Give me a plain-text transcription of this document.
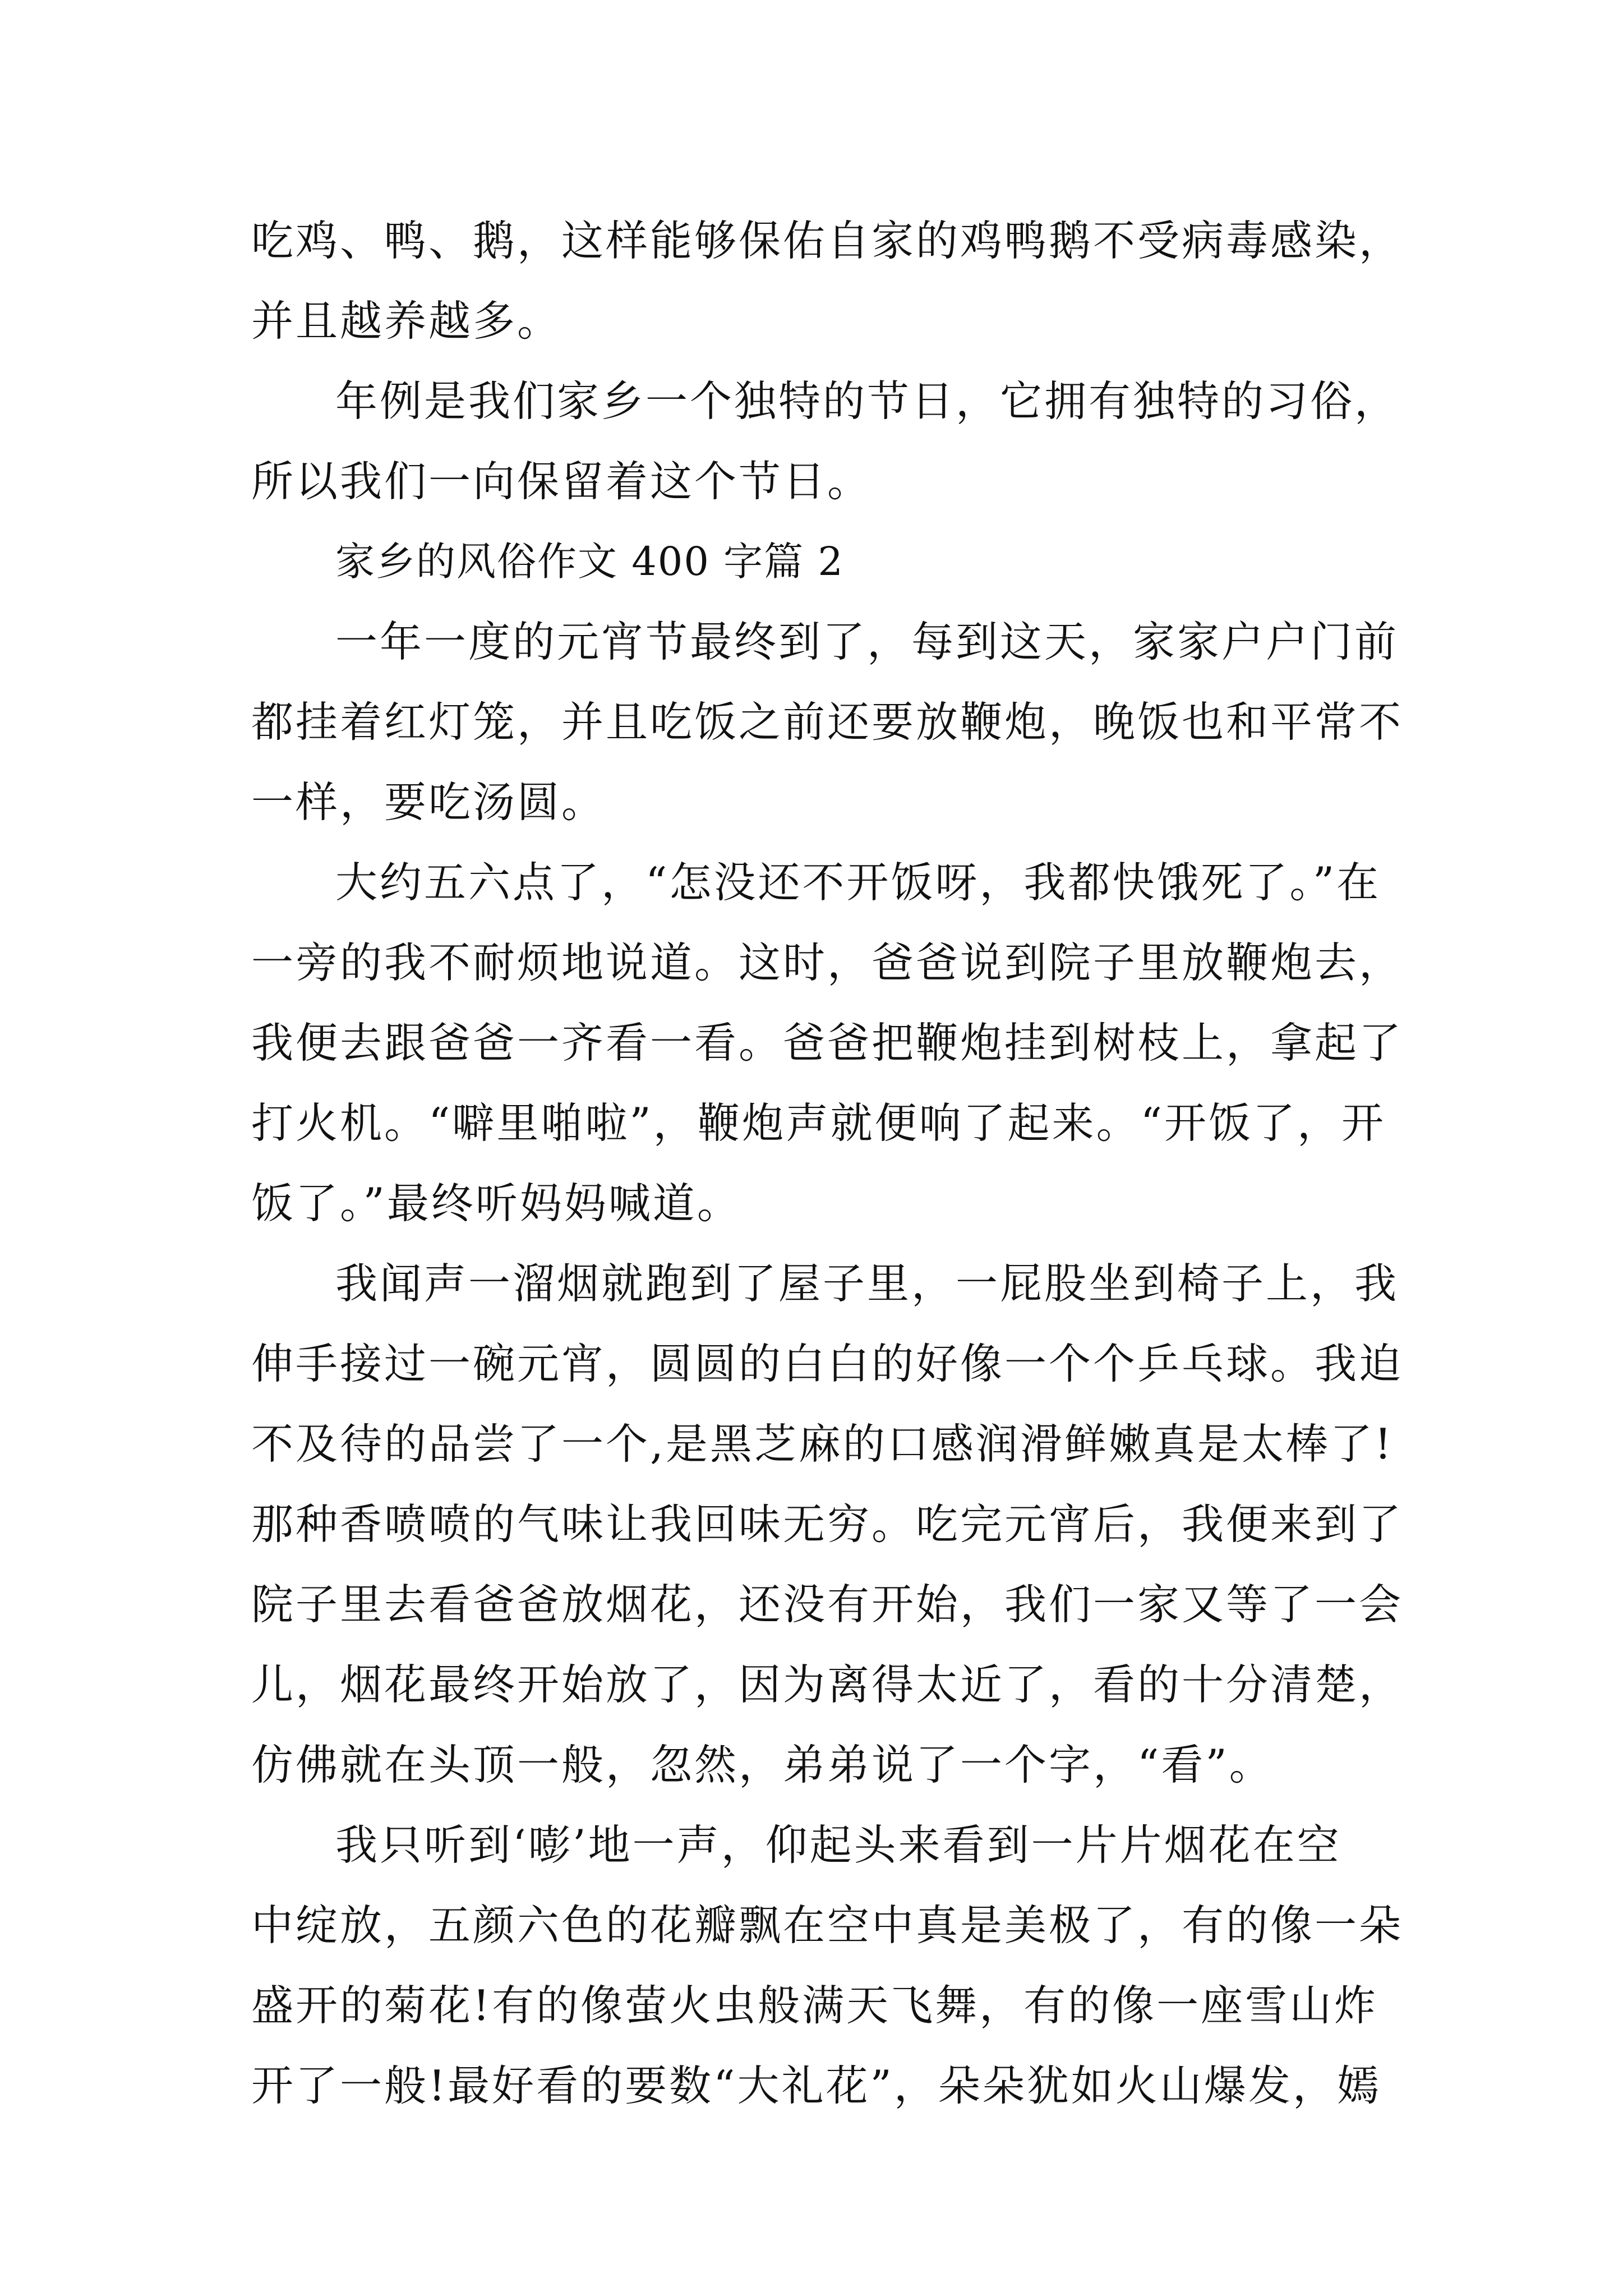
吃鸡、鸭、鹅，这样能够保佑自家的鸡鸭鹅不受病毒感染，
并且越养越多。
年例是我们家乡一个独特的节日，它拥有独特的习俗，
所以我们一向保留着这个节日。
家乡的风俗作文 400 字篇 2
一年一度的元宵节最终到了，每到这天，家家户户门前
都挂着红灯笼，并且吃饭之前还要放鞭炮，晚饭也和平常不
一样，要吃汤圆。
大约五六点了，“怎没还不开饭呀，我都快饿死了。”在
一旁的我不耐烦地说道。这时，爸爸说到院子里放鞭炮去，
我便去跟爸爸一齐看一看。爸爸把鞭炮挂到树枝上，拿起了
打火机。“噼里啪啦”，鞭炮声就便响了起来。“开饭了，开
饭了。”最终听妈妈喊道。
我闻声一溜烟就跑到了屋子里，一屁股坐到椅子上，我
伸手接过一碗元宵，圆圆的白白的好像一个个乒乓球。我迫
不及待的品尝了一个,是黑芝麻的口感润滑鲜嫩真是太棒了!
那种香喷喷的气味让我回味无穷。吃完元宵后，我便来到了
院子里去看爸爸放烟花，还没有开始，我们一家又等了一会
儿，烟花最终开始放了，因为离得太近了，看的十分清楚，
仿佛就在头顶一般，忽然，弟弟说了一个字，“看”。
我只听到‘嘭’地一声，仰起头来看到一片片烟花在空
中绽放，五颜六色的花瓣飘在空中真是美极了，有的像一朵
盛开的菊花!有的像萤火虫般满天飞舞，有的像一座雪山炸
开了一般!最好看的要数“大礼花”，朵朵犹如火山爆发，嫣
